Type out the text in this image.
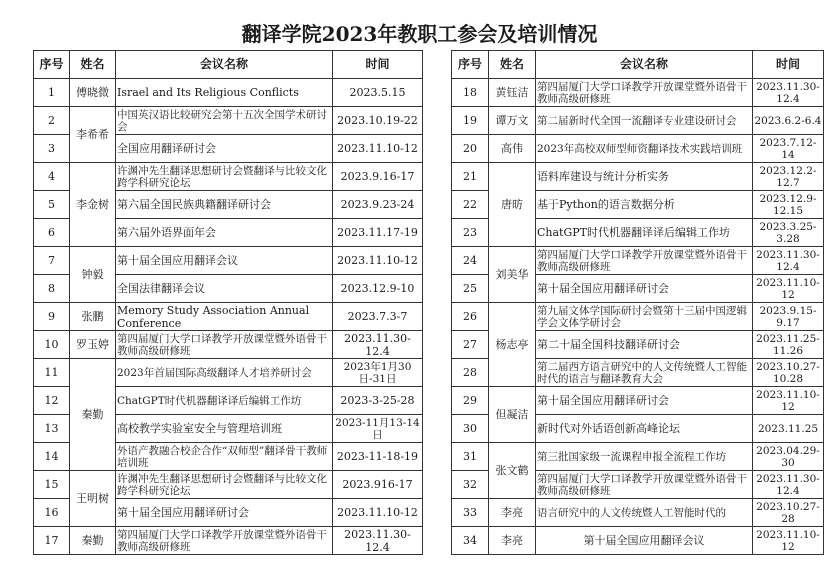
翻译学院2023年教职工参会及培训情况
序号	姓名	会议名称	时间
1	傅晓微	Israel and Its Religious Conflicts	2023.5.15
2	李希希	中国英汉语比较研究会第十五次全国学术研讨会	2023.10.19-22
3		全国应用翻译研讨会	2023.11.10-12
4	李金树	许渊冲先生翻译思想研讨会暨翻译与比较文化跨学科研究论坛	2023.9.16-17
5		第六届全国民族典籍翻译研讨会	2023.9.23-24
6		第六届外语界面年会	2023.11.17-19
7	钟毅	第十届全国应用翻译会议	2023.11.10-12
8		全国法律翻译会议	2023.12.9-10
9	张鹏	Memory Study Association Annual Conference	2023.7.3-7
10	罗玉婷	第四届厦门大学口译教学开放课堂暨外语骨干教师高级研修班	2023.11.30-12.4
11	秦勤	2023年首届国际高级翻译人才培养研讨会	2023年1月30日-31日
12		ChatGPT时代机器翻译译后编辑工作坊	2023-3-25-28
13		高校教学实验室安全与管理培训班	2023-11月13-14日
14		外语产教融合校企合作“双师型”翻译骨干教师培训班	2023-11-18-19
15	王明树	许渊冲先生翻译思想研讨会暨翻译与比较文化跨学科研究论坛	2023.916-17
16		第十届全国应用翻译研讨会	2023.11.10-12
17	秦勤	第四届厦门大学口译教学开放课堂暨外语骨干教师高级研修班	2023.11.30-12.4
序号	姓名	会议名称	时间
18	黄钰洁	第四届厦门大学口译教学开放课堂暨外语骨干教师高级研修班	2023.11.30-12.4
19	谭万文	第二届新时代全国一流翻译专业建设研讨会	2023.6.2-6.4
20	高伟	2023年高校双师型师资翻译技术实践培训班	2023.7.12-14
21	唐昉	语料库建设与统计分析实务	2023.12.2-12.7
22		基于Python的语言数据分析	2023.12.9-12.15
23		ChatGPT时代机器翻译译后编辑工作坊	2023.3.25-3.28
24	刘美华	第四届厦门大学口译教学开放课堂暨外语骨干教师高级研修班	2023.11.30-12.4
25		第十届全国应用翻译研讨会	2023.11.10-12
26	杨志亭	第九届文体学国际研讨会暨第十三届中国逻辑学会文体学研讨会	2023.9.15-9.17
27		第二十届全国科技翻译研讨会	2023.11.25-11.26
28		第二届西方语言研究中的人文传统暨人工智能时代的语言与翻译教育大会	2023.10.27-10.28
29	但凝洁	第十届全国应用翻译研讨会	2023.11.10-12
30		新时代对外话语创新高峰论坛	2023.11.25
31	张文鹤	第三批国家级一流课程申报全流程工作坊	2023.04.29-30
32		第四届厦门大学口译教学开放课堂暨外语骨干教师高级研修班	2023.11.30-12.4
33	李亮	语言研究中的人文传统暨人工智能时代的	2023.10.27-28
34	李亮	第十届全国应用翻译会议	2023.11.10-12
